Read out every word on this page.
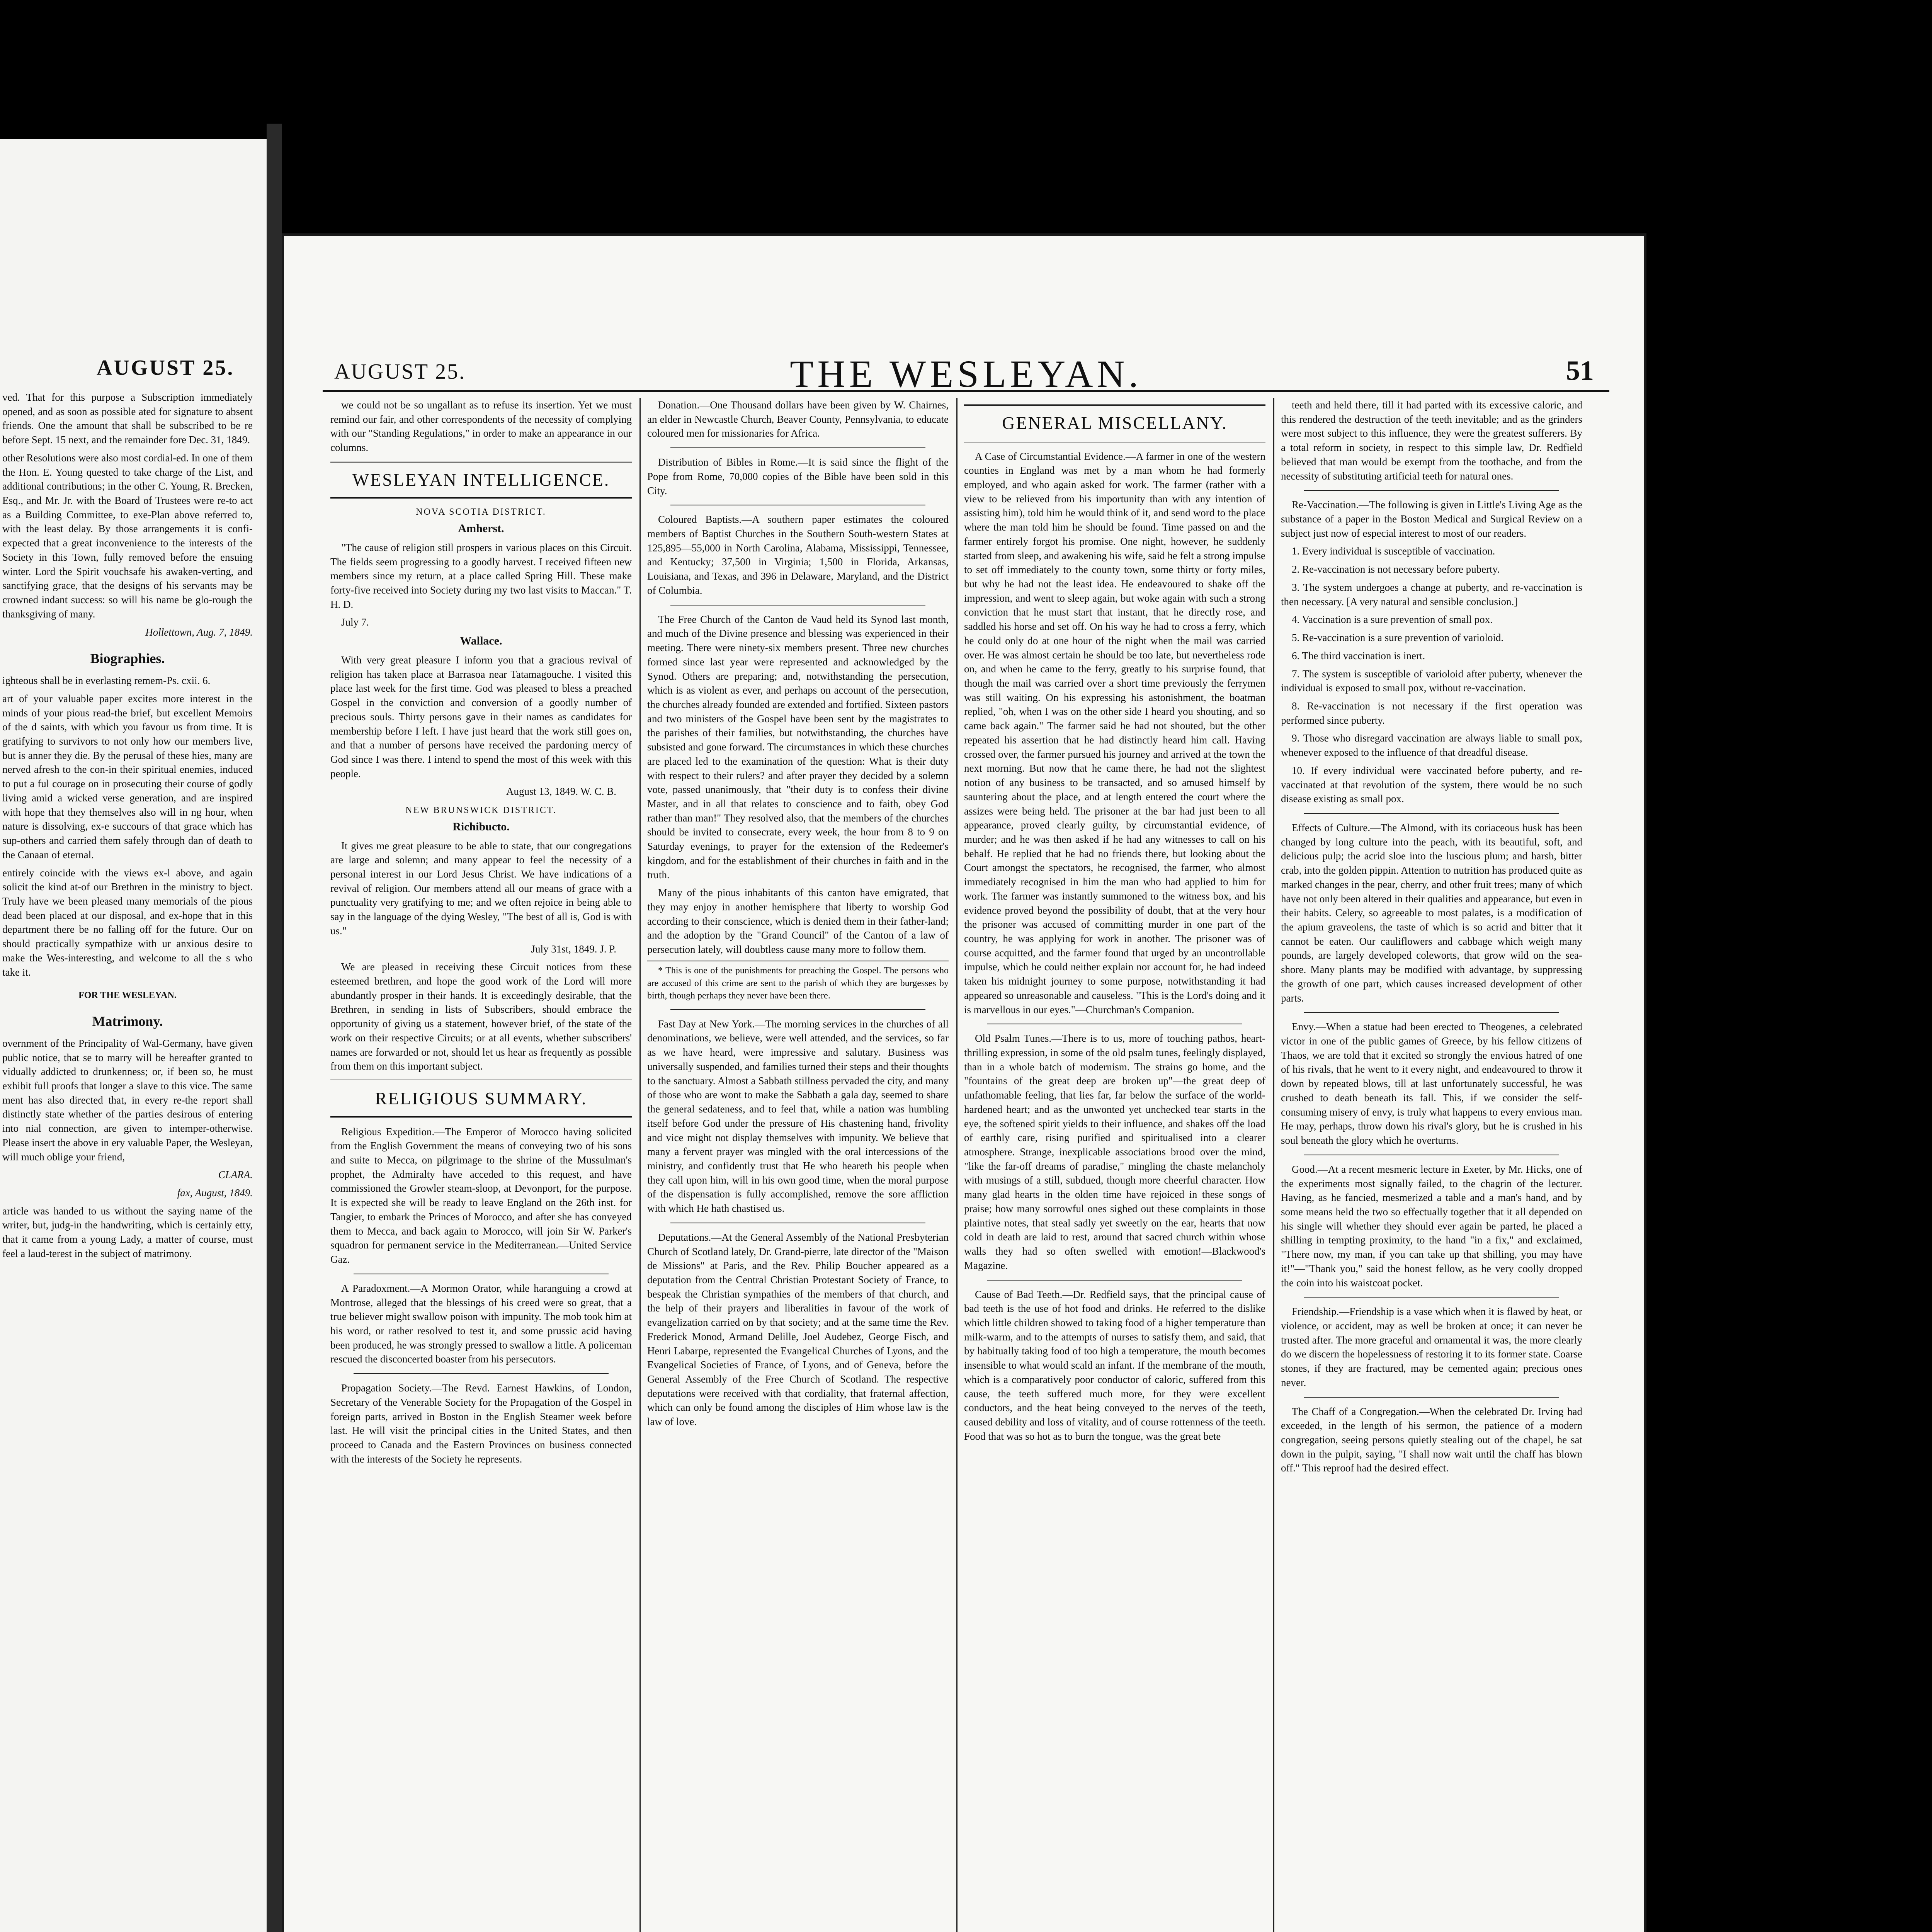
AUGUST 25.

ved. That for this purpose a Subscription immediately opened, and as soon as possible ated for signature to absent friends. One the amount that shall be subscribed to be re before Sept. 15 next, and the remainder fore Dec. 31, 1849.

other Resolutions were also most cordial-ed. In one of them the Hon. E. Young quested to take charge of the List, and additional contributions; in the other C. Young, R. Brecken, Esq., and Mr. Jr. with the Board of Trustees were re-to act as a Building Committee, to exe-Plan above referred to, with the least delay. By those arrangements it is confi-expected that a great inconvenience to the interests of the Society in this Town, fully removed before the ensuing winter. Lord the Spirit vouchsafe his awaken-verting, and sanctifying grace, that the designs of his servants may be crowned indant success: so will his name be glo-rough the thanksgiving of many.

Hollettown, Aug. 7, 1849.

Biographies.

ighteous shall be in everlasting remem-Ps. cxii. 6.

art of your valuable paper excites more interest in the minds of your pious read-the brief, but excellent Memoirs of the d saints, with which you favour us from time. It is gratifying to survivors to not only how our members live, but is anner they die. By the perusal of these hies, many are nerved afresh to the con-in their spiritual enemies, induced to put a ful courage on in prosecuting their course of godly living amid a wicked verse generation, and are inspired with hope that they themselves also will in ng hour, when nature is dissolving, ex-e succours of that grace which has sup-others and carried them safely through dan of death to the Canaan of eternal.

entirely coincide with the views ex-l above, and again solicit the kind at-of our Brethren in the ministry to bject. Truly have we been pleased many memorials of the pious dead been placed at our disposal, and ex-hope that in this department there be no falling off for the future. Our on should practically sympathize with ur anxious desire to make the Wes-interesting, and welcome to all the s who take it.

FOR THE WESLEYAN.

Matrimony.

overnment of the Principality of Wal-Germany, have given public notice, that se to marry will be hereafter granted to vidually addicted to drunkenness; or, if been so, he must exhibit full proofs that longer a slave to this vice. The same ment has also directed that, in every re-the report shall distinctly state whether of the parties desirous of entering into nial connection, are given to intemper-otherwise. Please insert the above in ery valuable Paper, the Wesleyan, will much oblige your friend,

CLARA.

fax, August, 1849.

article was handed to us without the saying name of the writer, but, judg-in the handwriting, which is certainly etty, that it came from a young Lady, a matter of course, must feel a laud-terest in the subject of matrimony.

AUGUST 25.	THE WESLEYAN.	51

we could not be so ungallant as to refuse its insertion. Yet we must remind our fair, and other correspondents of the necessity of complying with our "Standing Regulations," in order to make an appearance in our columns.

WESLEYAN INTELLIGENCE.
NOVA SCOTIA DISTRICT.
Amherst.

"The cause of religion still prospers in various places on this Circuit. The fields seem progressing to a goodly harvest. I received fifteen new members since my return, at a place called Spring Hill. These make forty-five received into Society during my two last visits to Maccan." T. H. D.

July 7.

Wallace.

With very great pleasure I inform you that a gracious revival of religion has taken place at Barrasoa near Tatamagouche. I visited this place last week for the first time. God was pleased to bless a preached Gospel in the conviction and conversion of a goodly number of precious souls. Thirty persons gave in their names as candidates for membership before I left. I have just heard that the work still goes on, and that a number of persons have received the pardoning mercy of God since I was there. I intend to spend the most of this week with this people.

August 13, 1849. W. C. B.

NEW BRUNSWICK DISTRICT.
Richibucto.

It gives me great pleasure to be able to state, that our congregations are large and solemn; and many appear to feel the necessity of a personal interest in our Lord Jesus Christ. We have indications of a revival of religion. Our members attend all our means of grace with a punctuality very gratifying to me; and we often rejoice in being able to say in the language of the dying Wesley, "The best of all is, God is with us."

July 31st, 1849. J. P.

We are pleased in receiving these Circuit notices from these esteemed brethren, and hope the good work of the Lord will more abundantly prosper in their hands. It is exceedingly desirable, that the Brethren, in sending in lists of Subscribers, should embrace the opportunity of giving us a statement, however brief, of the state of the work on their respective Circuits; or at all events, whether subscribers' names are forwarded or not, should let us hear as frequently as possible from them on this important subject.

RELIGIOUS SUMMARY.

Religious Expedition.—The Emperor of Morocco having solicited from the English Government the means of conveying two of his sons and suite to Mecca, on pilgrimage to the shrine of the Mussulman's prophet, the Admiralty have acceded to this request, and have commissioned the Growler steam-sloop, at Devonport, for the purpose. It is expected she will be ready to leave England on the 26th inst. for Tangier, to embark the Princes of Morocco, and after she has conveyed them to Mecca, and back again to Morocco, will join Sir W. Parker's squadron for permanent service in the Mediterranean.—United Service Gaz.

A Paradoxment.—A Mormon Orator, while haranguing a crowd at Montrose, alleged that the blessings of his creed were so great, that a true believer might swallow poison with impunity. The mob took him at his word, or rather resolved to test it, and some prussic acid having been produced, he was strongly pressed to swallow a little. A policeman rescued the disconcerted boaster from his persecutors.

Propagation Society.—The Revd. Earnest Hawkins, of London, Secretary of the Venerable Society for the Propagation of the Gospel in foreign parts, arrived in Boston in the English Steamer week before last. He will visit the principal cities in the United States, and then proceed to Canada and the Eastern Provinces on business connected with the interests of the Society he represents.

Donation.—One Thousand dollars have been given by W. Chairnes, an elder in Newcastle Church, Beaver County, Pennsylvania, to educate coloured men for missionaries for Africa.

Distribution of Bibles in Rome.—It is said since the flight of the Pope from Rome, 70,000 copies of the Bible have been sold in this City.

Coloured Baptists.—A southern paper estimates the coloured members of Baptist Churches in the Southern South-western States at 125,895—55,000 in North Carolina, Alabama, Mississippi, Tennessee, and Kentucky; 37,500 in Virginia; 1,500 in Florida, Arkansas, Louisiana, and Texas, and 396 in Delaware, Maryland, and the District of Columbia.

The Free Church of the Canton de Vaud held its Synod last month, and much of the Divine presence and blessing was experienced in their meeting. There were ninety-six members present. Three new churches formed since last year were represented and acknowledged by the Synod. Others are preparing; and, notwithstanding the persecution, which is as violent as ever, and perhaps on account of the persecution, the churches already founded are extended and fortified. Sixteen pastors and two ministers of the Gospel have been sent by the magistrates to the parishes of their families, but notwithstanding, the churches have subsisted and gone forward. The circumstances in which these churches are placed led to the examination of the question: What is their duty with respect to their rulers? and after prayer they decided by a solemn vote, passed unanimously, that "their duty is to confess their divine Master, and in all that relates to conscience and to faith, obey God rather than man!" They resolved also, that the members of the churches should be invited to consecrate, every week, the hour from 8 to 9 on Saturday evenings, to prayer for the extension of the Redeemer's kingdom, and for the establishment of their churches in faith and in the truth.

Many of the pious inhabitants of this canton have emigrated, that they may enjoy in another hemisphere that liberty to worship God according to their conscience, which is denied them in their father-land; and the adoption by the "Grand Council" of the Canton of a law of persecution lately, will doubtless cause many more to follow them.

* This is one of the punishments for preaching the Gospel. The persons who are accused of this crime are sent to the parish of which they are burgesses by birth, though perhaps they never have been there.

Fast Day at New York.—The morning services in the churches of all denominations, we believe, were well attended, and the services, so far as we have heard, were impressive and salutary. Business was universally suspended, and families turned their steps and their thoughts to the sanctuary. Almost a Sabbath stillness pervaded the city, and many of those who are wont to make the Sabbath a gala day, seemed to share the general sedateness, and to feel that, while a nation was humbling itself before God under the pressure of His chastening hand, frivolity and vice might not display themselves with impunity. We believe that many a fervent prayer was mingled with the oral intercessions of the ministry, and confidently trust that He who heareth his people when they call upon him, will in his own good time, when the moral purpose of the dispensation is fully accomplished, remove the sore affliction with which He hath chastised us.

Deputations.—At the General Assembly of the National Presbyterian Church of Scotland lately, Dr. Grand-pierre, late director of the "Maison de Missions" at Paris, and the Rev. Philip Boucher appeared as a deputation from the Central Christian Protestant Society of France, to bespeak the Christian sympathies of the members of that church, and the help of their prayers and liberalities in favour of the work of evangelization carried on by that society; and at the same time the Rev. Frederick Monod, Armand Delille, Joel Audebez, George Fisch, and Henri Labarpe, represented the Evangelical Churches of Lyons, and the Evangelical Societies of France, of Lyons, and of Geneva, before the General Assembly of the Free Church of Scotland. The respective deputations were received with that cordiality, that fraternal affection, which can only be found among the disciples of Him whose law is the law of love.

GENERAL MISCELLANY.

A Case of Circumstantial Evidence.—A farmer in one of the western counties in England was met by a man whom he had formerly employed, and who again asked for work. The farmer (rather with a view to be relieved from his importunity than with any intention of assisting him), told him he would think of it, and send word to the place where the man told him he should be found. Time passed on and the farmer entirely forgot his promise. One night, however, he suddenly started from sleep, and awakening his wife, said he felt a strong impulse to set off immediately to the county town, some thirty or forty miles, but why he had not the least idea. He endeavoured to shake off the impression, and went to sleep again, but woke again with such a strong conviction that he must start that instant, that he directly rose, and saddled his horse and set off. On his way he had to cross a ferry, which he could only do at one hour of the night when the mail was carried over. He was almost certain he should be too late, but nevertheless rode on, and when he came to the ferry, greatly to his surprise found, that though the mail was carried over a short time previously the ferrymen was still waiting. On his expressing his astonishment, the boatman replied, "oh, when I was on the other side I heard you shouting, and so came back again." The farmer said he had not shouted, but the other repeated his assertion that he had distinctly heard him call. Having crossed over, the farmer pursued his journey and arrived at the town the next morning. But now that he came there, he had not the slightest notion of any business to be transacted, and so amused himself by sauntering about the place, and at length entered the court where the assizes were being held. The prisoner at the bar had just been to all appearance, proved clearly guilty, by circumstantial evidence, of murder; and he was then asked if he had any witnesses to call on his behalf. He replied that he had no friends there, but looking about the Court amongst the spectators, he recognised, the farmer, who almost immediately recognised in him the man who had applied to him for work. The farmer was instantly summoned to the witness box, and his evidence proved beyond the possibility of doubt, that at the very hour the prisoner was accused of committing murder in one part of the country, he was applying for work in another. The prisoner was of course acquitted, and the farmer found that urged by an uncontrollable impulse, which he could neither explain nor account for, he had indeed taken his midnight journey to some purpose, notwithstanding it had appeared so unreasonable and causeless. "This is the Lord's doing and it is marvellous in our eyes."—Churchman's Companion.

Old Psalm Tunes.—There is to us, more of touching pathos, heart-thrilling expression, in some of the old psalm tunes, feelingly displayed, than in a whole batch of modernism. The strains go home, and the "fountains of the great deep are broken up"—the great deep of unfathomable feeling, that lies far, far below the surface of the world-hardened heart; and as the unwonted yet unchecked tear starts in the eye, the softened spirit yields to their influence, and shakes off the load of earthly care, rising purified and spiritualised into a clearer atmosphere. Strange, inexplicable associations brood over the mind, "like the far-off dreams of paradise," mingling the chaste melancholy with musings of a still, subdued, though more cheerful character. How many glad hearts in the olden time have rejoiced in these songs of praise; how many sorrowful ones sighed out these complaints in those plaintive notes, that steal sadly yet sweetly on the ear, hearts that now cold in death are laid to rest, around that sacred church within whose walls they had so often swelled with emotion!—Blackwood's Magazine.

Cause of Bad Teeth.—Dr. Redfield says, that the principal cause of bad teeth is the use of hot food and drinks. He referred to the dislike which little children showed to taking food of a higher temperature than milk-warm, and to the attempts of nurses to satisfy them, and said, that by habitually taking food of too high a temperature, the mouth becomes insensible to what would scald an infant. If the membrane of the mouth, which is a comparatively poor conductor of caloric, suffered from this cause, the teeth suffered much more, for they were excellent conductors, and the heat being conveyed to the nerves of the teeth, caused debility and loss of vitality, and of course rottenness of the teeth. Food that was so hot as to burn the tongue, was the great bete

teeth and held there, till it had parted with its excessive caloric, and this rendered the destruction of the teeth inevitable; and as the grinders were most subject to this influence, they were the greatest sufferers. By a total reform in society, in respect to this simple law, Dr. Redfield believed that man would be exempt from the toothache, and from the necessity of substituting artificial teeth for natural ones.

Re-Vaccination.—The following is given in Little's Living Age as the substance of a paper in the Boston Medical and Surgical Review on a subject just now of especial interest to most of our readers.

1. Every individual is susceptible of vaccination.

2. Re-vaccination is not necessary before puberty.

3. The system undergoes a change at puberty, and re-vaccination is then necessary. [A very natural and sensible conclusion.]

4. Vaccination is a sure prevention of small pox.

5. Re-vaccination is a sure prevention of varioloid.

6. The third vaccination is inert.

7. The system is susceptible of varioloid after puberty, whenever the individual is exposed to small pox, without re-vaccination.

8. Re-vaccination is not necessary if the first operation was performed since puberty.

9. Those who disregard vaccination are always liable to small pox, whenever exposed to the influence of that dreadful disease.

10. If every individual were vaccinated before puberty, and re-vaccinated at that revolution of the system, there would be no such disease existing as small pox.

Effects of Culture.—The Almond, with its coriaceous husk has been changed by long culture into the peach, with its beautiful, soft, and delicious pulp; the acrid sloe into the luscious plum; and harsh, bitter crab, into the golden pippin. Attention to nutrition has produced quite as marked changes in the pear, cherry, and other fruit trees; many of which have not only been altered in their qualities and appearance, but even in their habits. Celery, so agreeable to most palates, is a modification of the apium graveolens, the taste of which is so acrid and bitter that it cannot be eaten. Our cauliflowers and cabbage which weigh many pounds, are largely developed coleworts, that grow wild on the sea-shore. Many plants may be modified with advantage, by suppressing the growth of one part, which causes increased development of other parts.

Envy.—When a statue had been erected to Theogenes, a celebrated victor in one of the public games of Greece, by his fellow citizens of Thaos, we are told that it excited so strongly the envious hatred of one of his rivals, that he went to it every night, and endeavoured to throw it down by repeated blows, till at last unfortunately successful, he was crushed to death beneath its fall. This, if we consider the self-consuming misery of envy, is truly what happens to every envious man. He may, perhaps, throw down his rival's glory, but he is crushed in his soul beneath the glory which he overturns.

Good.—At a recent mesmeric lecture in Exeter, by Mr. Hicks, one of the experiments most signally failed, to the chagrin of the lecturer. Having, as he fancied, mesmerized a table and a man's hand, and by some means held the two so effectually together that it all depended on his single will whether they should ever again be parted, he placed a shilling in tempting proximity, to the hand "in a fix," and exclaimed, "There now, my man, if you can take up that shilling, you may have it!"—"Thank you," said the honest fellow, as he very coolly dropped the coin into his waistcoat pocket.

Friendship.—Friendship is a vase which when it is flawed by heat, or violence, or accident, may as well be broken at once; it can never be trusted after. The more graceful and ornamental it was, the more clearly do we discern the hopelessness of restoring it to its former state. Coarse stones, if they are fractured, may be cemented again; precious ones never.

The Chaff of a Congregation.—When the celebrated Dr. Irving had exceeded, in the length of his sermon, the patience of a modern congregation, seeing persons quietly stealing out of the chapel, he sat down in the pulpit, saying, "I shall now wait until the chaff has blown off." This reproof had the desired effect.
